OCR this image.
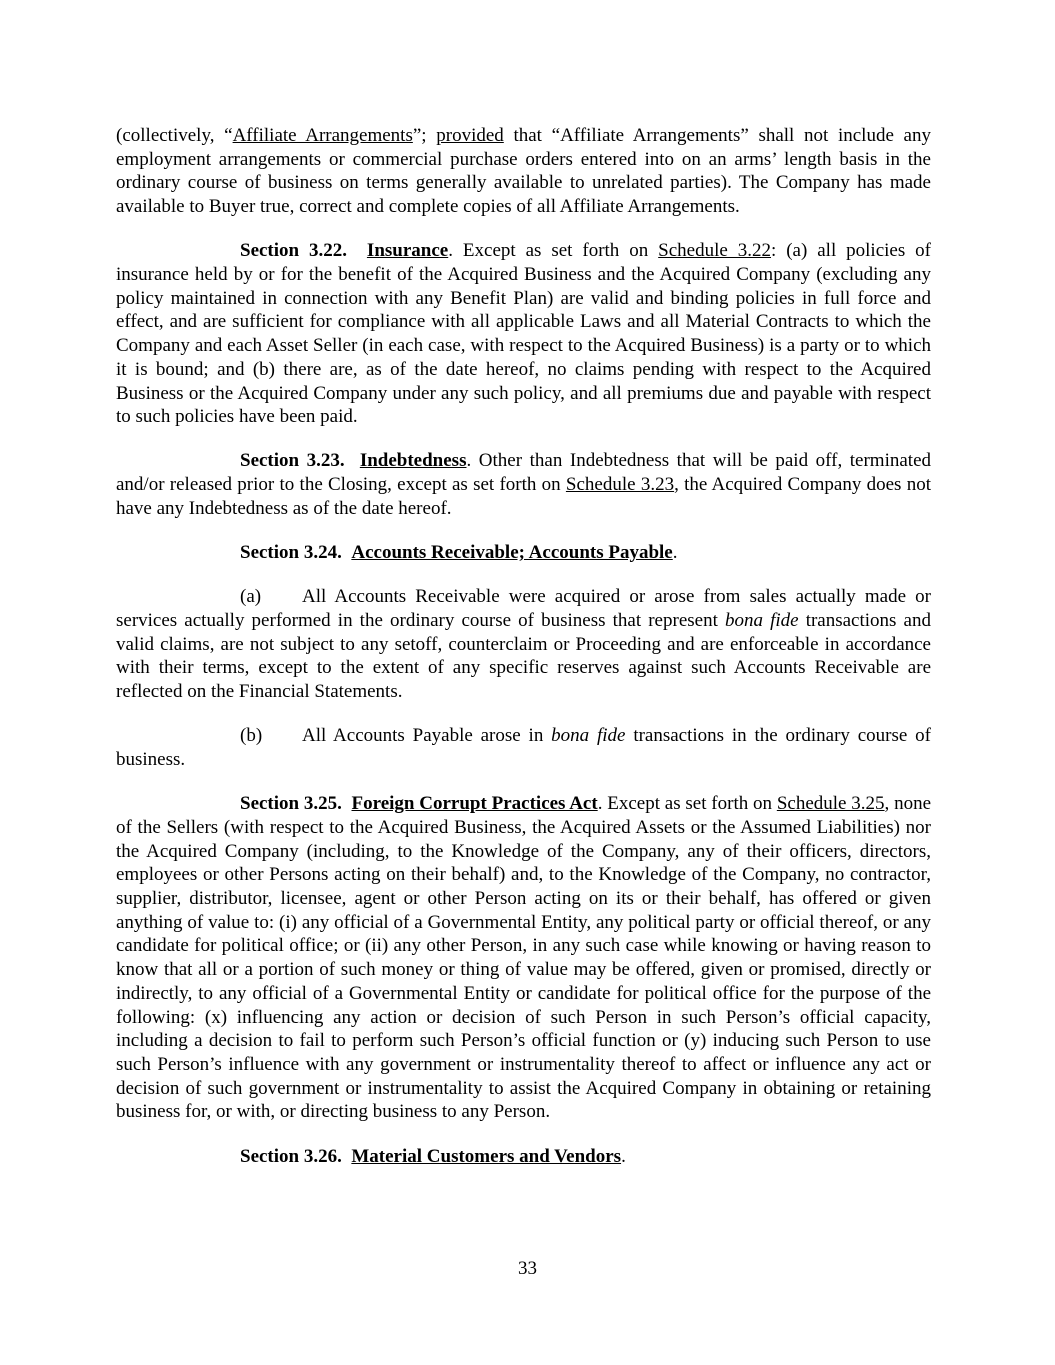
(collectively, “Affiliate Arrangements”; provided that “Affiliate Arrangements” shall not include any employment arrangements or commercial purchase orders entered into on an arms’ length basis in the ordinary course of business on terms generally available to unrelated parties). The Company has made available to Buyer true, correct and complete copies of all Affiliate Arrangements.

Section 3.22. Insurance. Except as set forth on Schedule 3.22: (a) all policies of insurance held by or for the benefit of the Acquired Business and the Acquired Company (excluding any policy maintained in connection with any Benefit Plan) are valid and binding policies in full force and effect, and are sufficient for compliance with all applicable Laws and all Material Contracts to which the Company and each Asset Seller (in each case, with respect to the Acquired Business) is a party or to which it is bound; and (b) there are, as of the date hereof, no claims pending with respect to the Acquired Business or the Acquired Company under any such policy, and all premiums due and payable with respect to such policies have been paid.

Section 3.23. Indebtedness. Other than Indebtedness that will be paid off, terminated and/or released prior to the Closing, except as set forth on Schedule 3.23, the Acquired Company does not have any Indebtedness as of the date hereof.

Section 3.24. Accounts Receivable; Accounts Payable.

(a) All Accounts Receivable were acquired or arose from sales actually made or services actually performed in the ordinary course of business that represent bona fide transactions and valid claims, are not subject to any setoff, counterclaim or Proceeding and are enforceable in accordance with their terms, except to the extent of any specific reserves against such Accounts Receivable are reflected on the Financial Statements.

(b) All Accounts Payable arose in bona fide transactions in the ordinary course of business.

Section 3.25. Foreign Corrupt Practices Act. Except as set forth on Schedule 3.25, none of the Sellers (with respect to the Acquired Business, the Acquired Assets or the Assumed Liabilities) nor the Acquired Company (including, to the Knowledge of the Company, any of their officers, directors, employees or other Persons acting on their behalf) and, to the Knowledge of the Company, no contractor, supplier, distributor, licensee, agent or other Person acting on its or their behalf, has offered or given anything of value to: (i) any official of a Governmental Entity, any political party or official thereof, or any candidate for political office; or (ii) any other Person, in any such case while knowing or having reason to know that all or a portion of such money or thing of value may be offered, given or promised, directly or indirectly, to any official of a Governmental Entity or candidate for political office for the purpose of the following: (x) influencing any action or decision of such Person in such Person’s official capacity, including a decision to fail to perform such Person’s official function or (y) inducing such Person to use such Person’s influence with any government or instrumentality thereof to affect or influence any act or decision of such government or instrumentality to assist the Acquired Company in obtaining or retaining business for, or with, or directing business to any Person.

Section 3.26. Material Customers and Vendors.

33
